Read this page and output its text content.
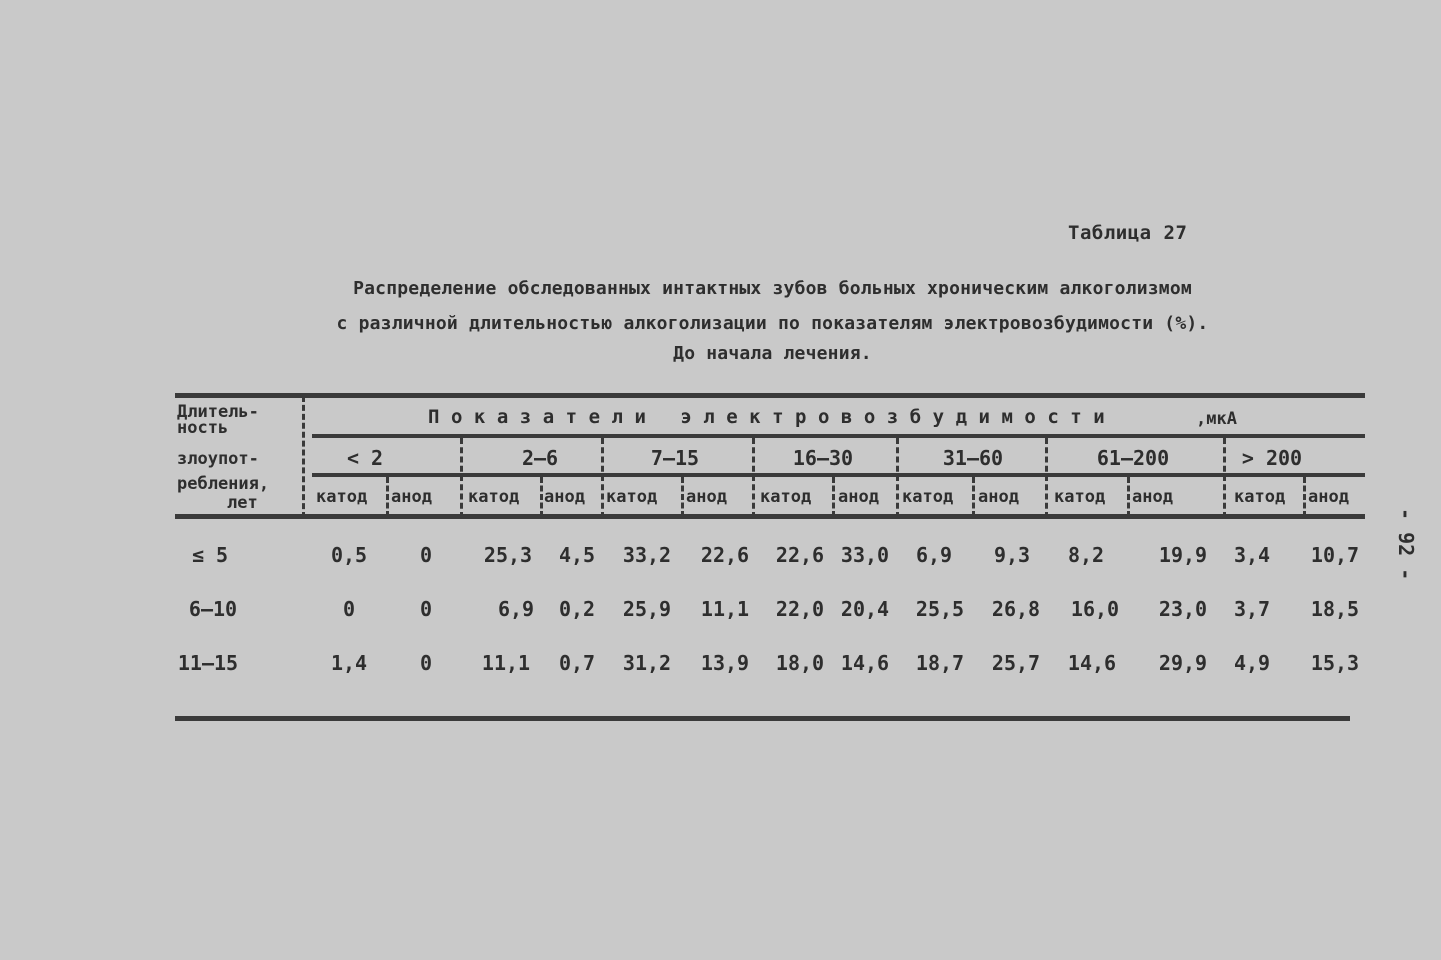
Таблица 27
Распределение обследованных интактных зубов больных хроническим алкоголизмом
с различной длительностью алкоголизации по показателям электровозбудимости (%).
До начала лечения.
Длитель-
ность
злоупот-
ребления,
лет
Показатели электровозбудимости	,мкА
< 2	2–6	7–15	16–30	31–60	61–200	> 200
катод анод катод анод катод анод катод анод катод анод катод анод	катод анод
≤ 5	0,5	0	25,3	4,5	33,2	22,6	22,6 33,0	6,9	9,3	8,2	19,9	3,4	10,7
6–10	0	0	6,9	0,2	25,9	11,1	22,0 20,4	25,5	26,8	16,0	23,0	3,7	18,5
11–15	1,4	0	11,1	0,7	31,2	13,9	18,0 14,6	18,7	25,7	14,6	29,9	4,9	15,3
- 92 -
